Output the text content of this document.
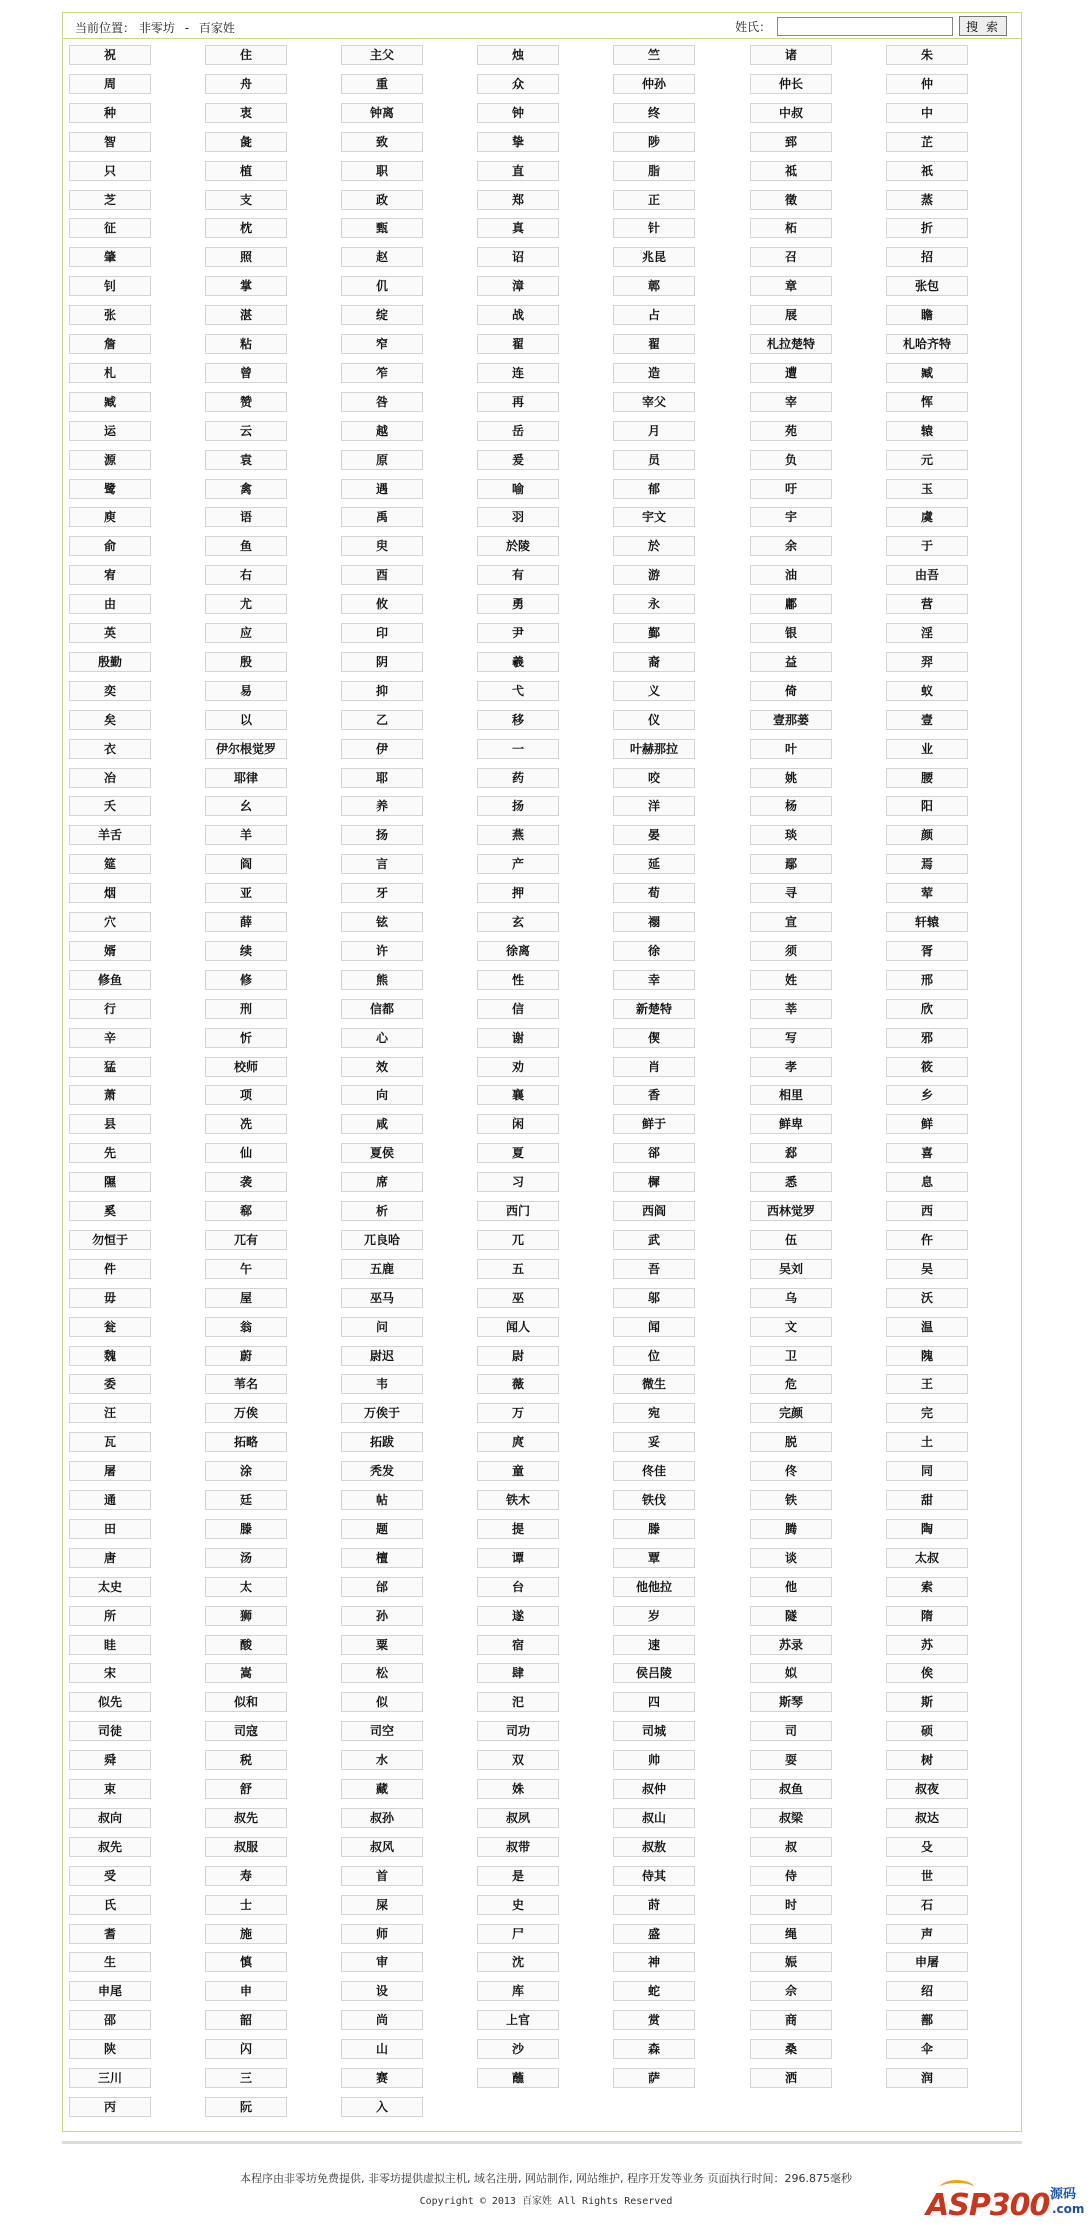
当前位置： 非零坊 - 百家姓	姓氏：	搜 索
祝	住	主父	烛	竺	诸	朱
周	舟	重	众	仲孙	仲长	仲
种	衷	钟离	钟	终	中叔	中
智	彘	致	挚	陟	郅	芷
只	植	职	直	脂	祗	祇
芝	支	政	郑	正	徵	蒸
征	枕	甄	真	针	柘	折
肇	照	赵	诏	兆昆	召	招
钊	掌	仉	漳	鄣	章	张包
张	湛	绽	战	占	展	瞻
詹	粘	窄	翟	翟	札拉楚特	札哈齐特
札	曾	笮	连	造	遭	臧
臧	赞	咎	再	宰父	宰	恽
运	云	越	岳	月	苑	辕
源	袁	原	爰	员	负	元
鹭	禽	遇	喻	郁	吁	玉
庾	语	禹	羽	宇文	宇	虞
俞	鱼	臾	於陵	於	余	于
宥	右	酉	有	游	油	由吾
由	尤	攸	勇	永	鄘	营
英	应	印	尹	鄞	银	淫
殷勤	殷	阴	羲	裔	益	羿
奕	易	抑	弋	义	倚	蚁
矣	以	乙	移	仪	壹那蒌	壹
衣	伊尔根觉罗	伊	一	叶赫那拉	叶	业
冶	耶律	耶	药	咬	姚	腰
夭	幺	养	扬	洋	杨	阳
羊舌	羊	扬	燕	晏	琰	颜
筵	阎	言	产	延	鄢	焉
烟	亚	牙	押	荀	寻	荤
穴	薛	铉	玄	禤	宣	轩辕
婿	续	许	徐离	徐	须	胥
修鱼	修	熊	性	幸	姓	邢
行	刑	信都	信	新楚特	莘	欣
辛	忻	心	谢	偰	写	邪
猛	校师	效	劝	肖	孝	筱
萧	项	向	襄	香	相里	乡
县	冼	咸	闲	鲜于	鲜卑	鲜
先	仙	夏侯	夏	郤	郄	喜
隰	袭	席	习	樨	悉	息
奚	郗	析	西门	西阎	西林觉罗	西
勿恒于	兀有	兀良哈	兀	武	伍	仵
件	午	五鹿	五	吾	吴刘	吴
毋	屋	巫马	巫	邬	乌	沃
瓮	翁	问	闻人	闻	文	温
魏	蔚	尉迟	尉	位	卫	隗
委	苇名	韦	薇	微生	危	王
汪	万俟	万俟于	万	宛	完颜	完
瓦	拓略	拓跋	庹	妥	脱	土
屠	涂	秃发	童	佟佳	佟	同
通	廷	帖	铁木	铁伐	铁	甜
田	滕	题	提	滕	腾	陶
唐	汤	檀	谭	覃	谈	太叔
太史	太	邰	台	他他拉	他	索
所	狮	孙	遂	岁	隧	隋
眭	酸	粟	宿	速	苏录	苏
宋	嵩	松	肆	侯吕陵	姒	俟
似先	似和	似	汜	四	斯琴	斯
司徒	司寇	司空	司功	司城	司	硕
舜	税	水	双	帅	耍	树
束	舒	藏	姝	叔仲	叔鱼	叔夜
叔向	叔先	叔孙	叔夙	叔山	叔梁	叔达
叔先	叔服	叔风	叔带	叔敖	叔	殳
受	寿	首	是	侍其	侍	世
氏	士	屎	史	莳	时	石
耆	施	师	尸	盛	绳	声
生	慎	审	沈	神	娠	申屠
申尾	申	设	库	蛇	佘	绍
邵	韶	尚	上官	赏	商	鄯
陕	闪	山	沙	森	桑	伞
三川	三	赛	蘸	萨	洒	润
丙	阮	入
本程序由非零坊免费提供, 非零坊提供虚拟主机, 域名注册, 网站制作, 网站维护, 程序开发等业务 页面执行时间：296.875毫秒
Copyright © 2013 百家姓 All Rights Reserved	ASP300 源码
.com
